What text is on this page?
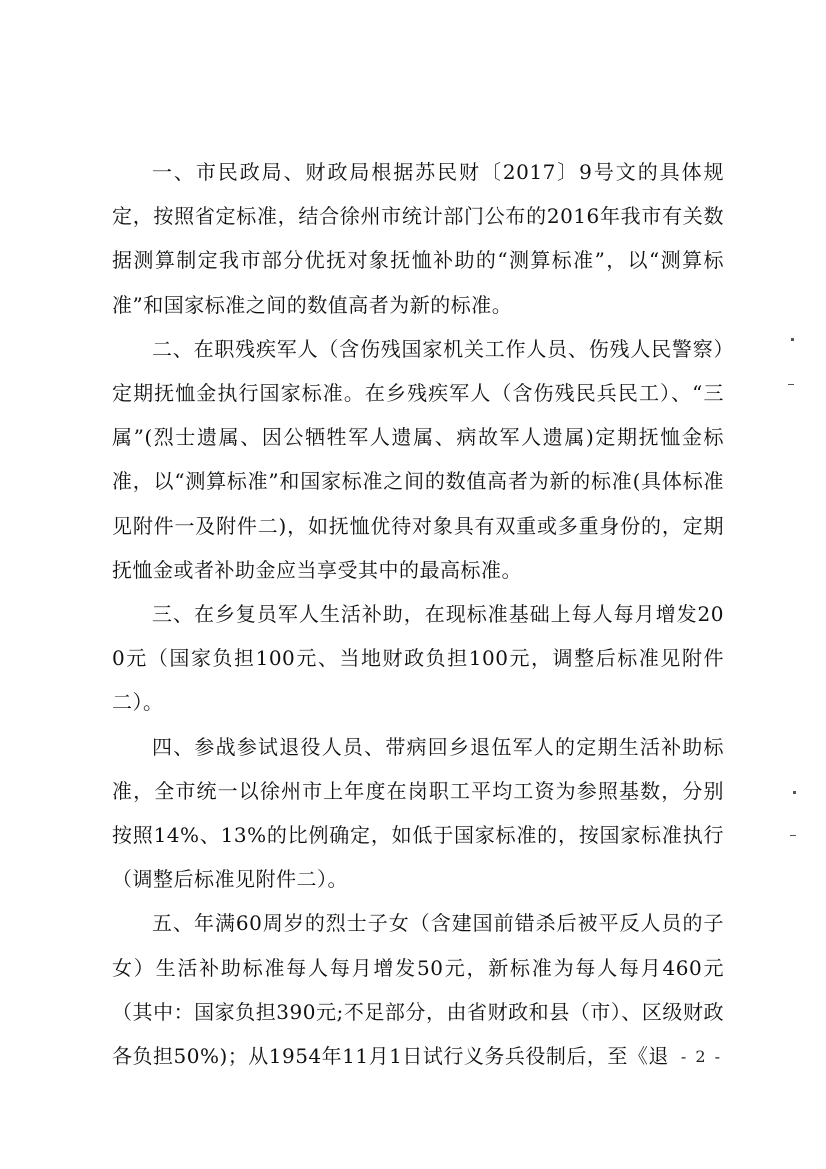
一、市民政局、财政局根据苏民财〔2017〕9号文的具体规定，按照省定标准，结合徐州市统计部门公布的2016年我市有关数据测算制定我市部分优抚对象抚恤补助的“测算标准”，以“测算标准”和国家标准之间的数值高者为新的标准。

二、在职残疾军人（含伤残国家机关工作人员、伤残人民警察）定期抚恤金执行国家标准。在乡残疾军人（含伤残民兵民工）、“三属”(烈士遗属、因公牺牲军人遗属、病故军人遗属)定期抚恤金标准，以“测算标准”和国家标准之间的数值高者为新的标准(具体标准见附件一及附件二)，如抚恤优待对象具有双重或多重身份的，定期抚恤金或者补助金应当享受其中的最高标准。

三、在乡复员军人生活补助，在现标准基础上每人每月增发200元（国家负担100元、当地财政负担100元，调整后标准见附件二）。

四、参战参试退役人员、带病回乡退伍军人的定期生活补助标准，全市统一以徐州市上年度在岗职工平均工资为参照基数，分别按照14%、13%的比例确定，如低于国家标准的，按国家标准执行（调整后标准见附件二）。

五、年满60周岁的烈士子女（含建国前错杀后被平反人员的子女）生活补助标准每人每月增发50元，新标准为每人每月460元（其中：国家负担390元;不足部分，由省财政和县（市）、区级财政各负担50%)；从1954年11月1日试行义务兵役制后，至《退 - 2 -
